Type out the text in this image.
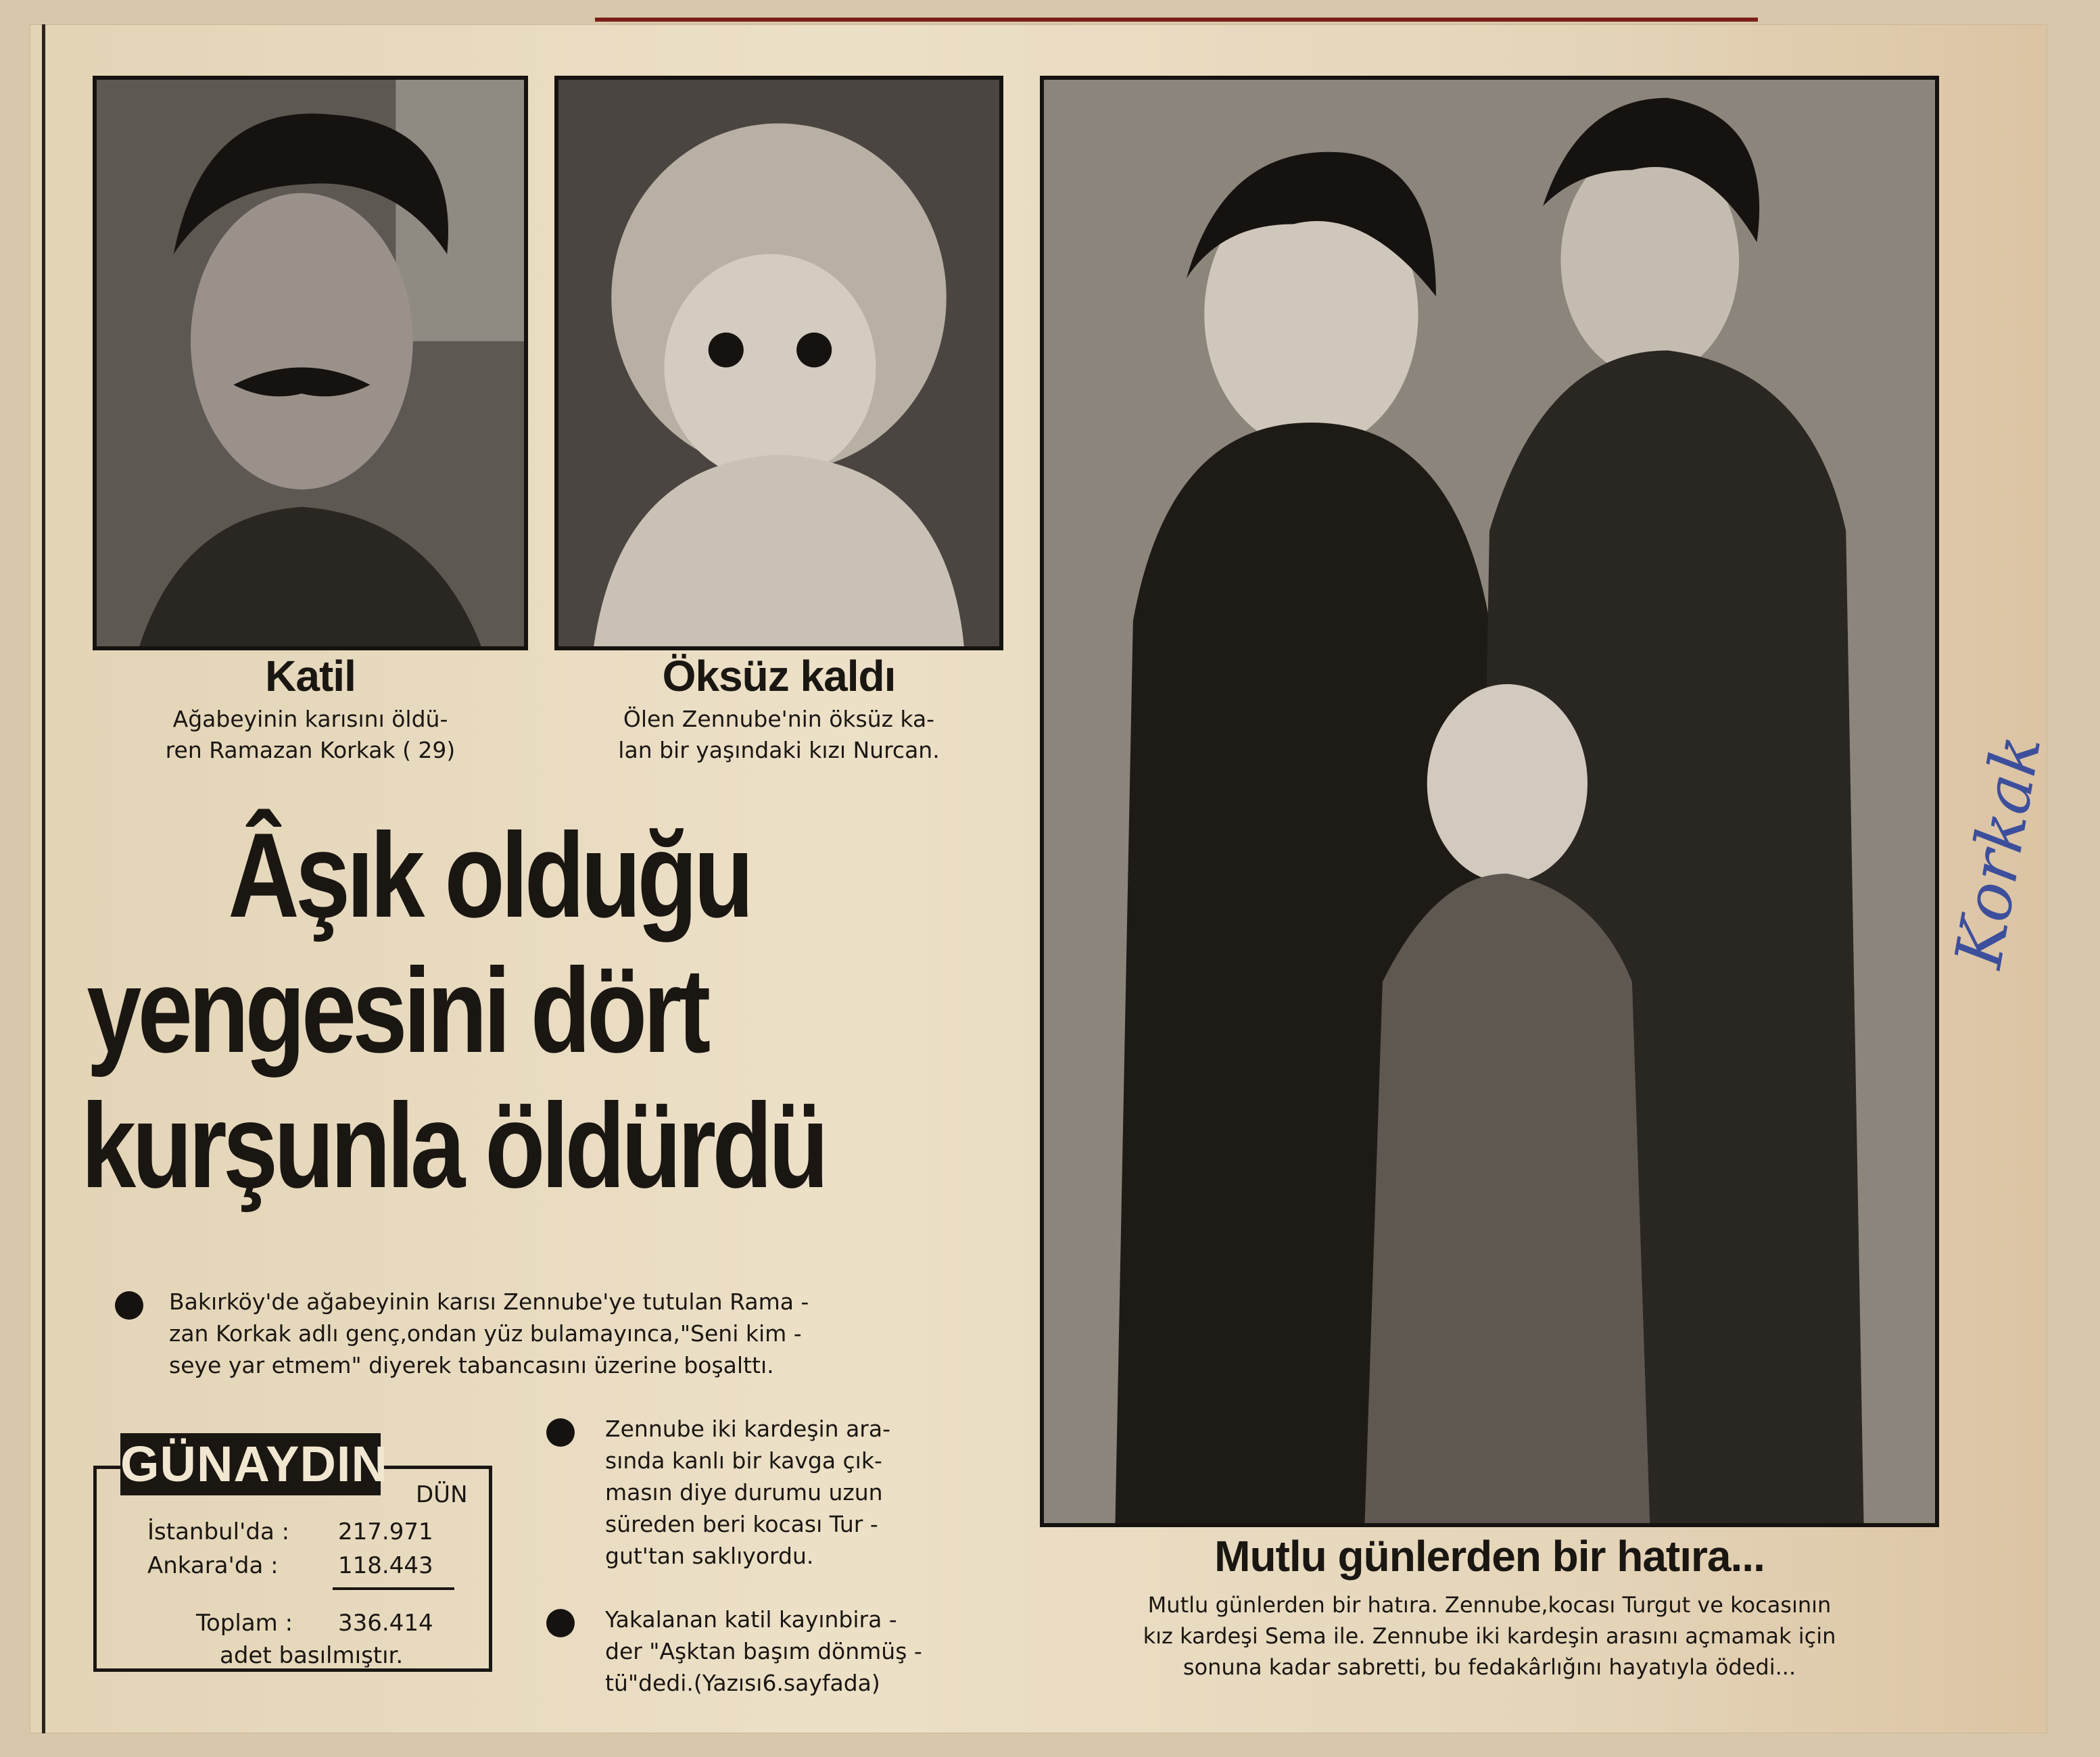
Katil
Ağabeyinin karısını öldü-
ren Ramazan Korkak ( 29)
Öksüz kaldı
Ölen Zennube'nin öksüz ka-
lan bir yaşındaki kızı Nurcan.
Âşık olduğu
yengesini dört
kurşunla öldürdü
Bakırköy'de ağabeyinin karısı Zennube'ye tutulan Rama -
zan Korkak adlı genç,ondan yüz bulamayınca,"Seni kim -
seye yar etmem" diyerek tabancasını üzerine boşalttı.
Zennube iki kardeşin ara-
sında kanlı bir kavga çık-
masın diye durumu uzun
süreden beri kocası Tur -
gut'tan saklıyordu.
Yakalanan katil kayınbira -
der "Aşktan başım dönmüş -
tü"dedi.(Yazısı6.sayfada)
GÜNAYDIN
DÜN
İstanbul'da : 217.971
Ankara'da :	118.443
Toplam : 336.414
adet basılmıştır.
Mutlu günlerden bir hatıra...
Mutlu günlerden bir hatıra. Zennube,kocası Turgut ve kocasının
kız kardeşi Sema ile. Zennube iki kardeşin arasını açmamak için
sonuna kadar sabretti, bu fedakârlığını hayatıyla ödedi...
Korkak
